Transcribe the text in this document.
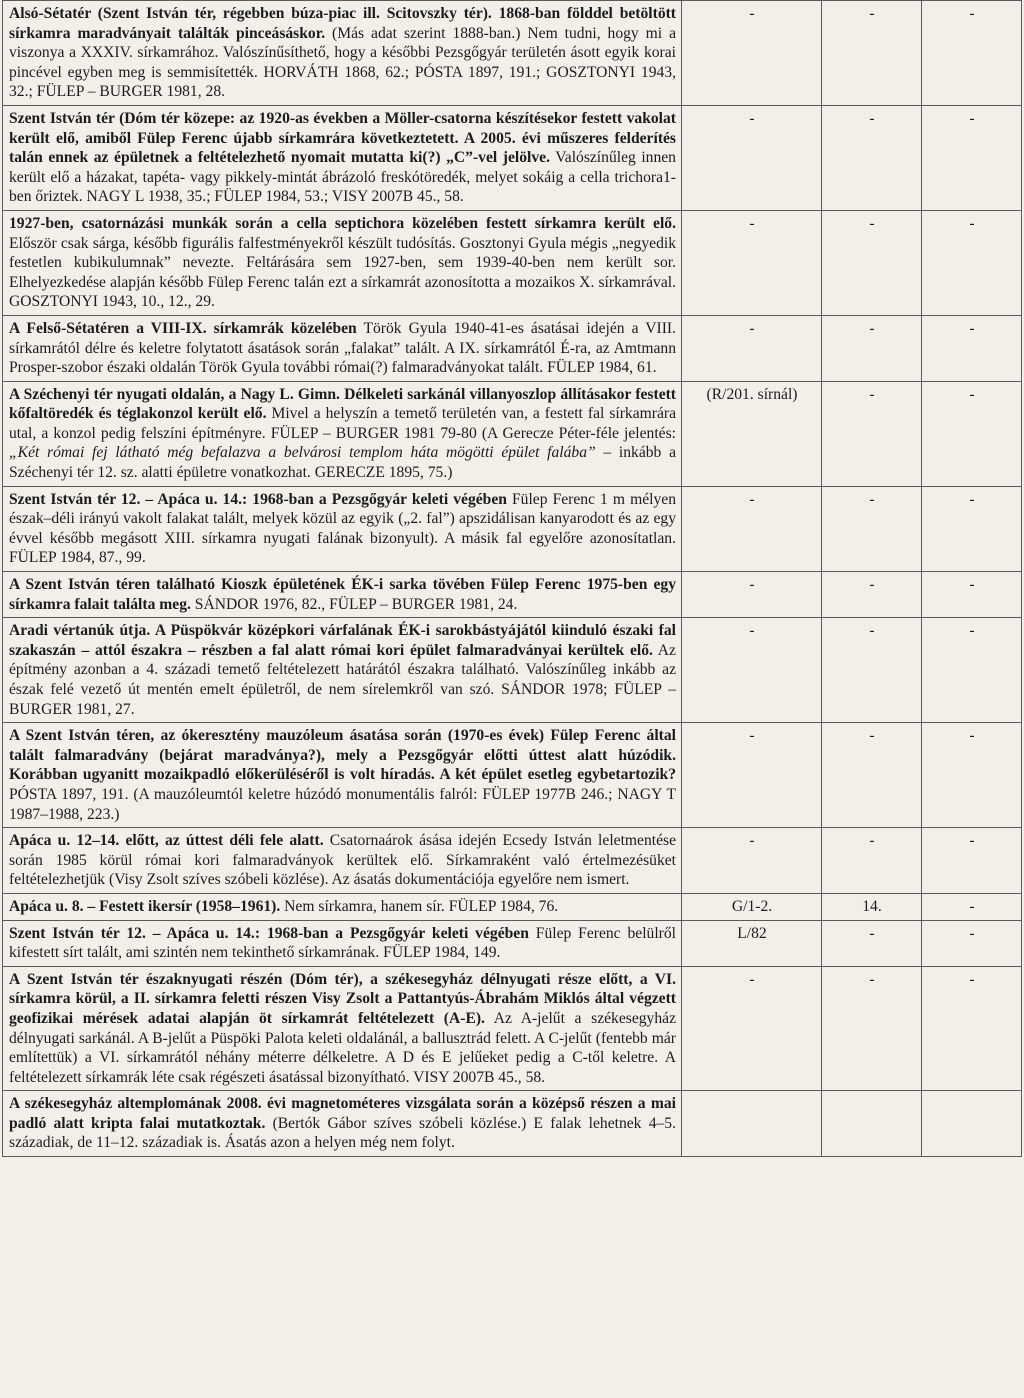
Alsó-Sétatér (Szent István tér, régebben búza-piac ill. Scitovszky tér). 1868-ban földdel betöltött sírkamra maradványait találták pinceásáskor. (Más adat szerint 1888-ban.) Nem tudni, hogy mi a viszonya a XXXIV. sírkamrához. Valószínűsíthető, hogy a későbbi Pezsgőgyár területén ásott egyik korai pincével egyben meg is semmisítették. HORVÁTH 1868, 62.; PÓSTA 1897, 191.; GOSZTONYI 1943, 32.; FÜLEP – BURGER 1981, 28.	-	-	-
Szent István tér (Dóm tér közepe: az 1920-as években a Möller-csatorna készítésekor festett vakolat került elő, amiből Fülep Ferenc újabb sírkamrára következtetett. A 2005. évi műszeres felderítés talán ennek az épületnek a feltételezhető nyomait mutatta ki(?) „C”-vel jelölve. Valószínűleg innen került elő a házakat, tapéta- vagy pikkely-mintát ábrázoló freskótöredék, melyet sokáig a cella trichora1-ben őriztek. NAGY L 1938, 35.; FÜLEP 1984, 53.; VISY 2007B 45., 58.	-	-	-
1927-ben, csatornázási munkák során a cella septichora közelében festett sírkamra került elő. Először csak sárga, később figurális falfestményekről készült tudósítás. Gosztonyi Gyula mégis „negyedik festetlen kubikulumnak” nevezte. Feltárására sem 1927-ben, sem 1939-40-ben nem került sor. Elhelyezkedése alapján később Fülep Ferenc talán ezt a sírkamrát azonosította a mozaikos X. sírkamrával. GOSZTONYI 1943, 10., 12., 29.	-	-	-
A Felső-Sétatéren a VIII-IX. sírkamrák közelében Török Gyula 1940-41-es ásatásai idején a VIII. sírkamrától délre és keletre folytatott ásatások során „falakat” talált. A IX. sírkamrától É-ra, az Amtmann Prosper-szobor északi oldalán Török Gyula további római(?) falmaradványokat talált. FÜLEP 1984, 61.	-	-	-
A Széchenyi tér nyugati oldalán, a Nagy L. Gimn. Délkeleti sarkánál villanyoszlop állításakor festett kőfaltöredék és téglakonzol került elő. Mivel a helyszín a temető területén van, a festett fal sírkamrára utal, a konzol pedig felszíni építményre. FÜLEP – BURGER 1981 79-80 (A Gerecze Péter-féle jelentés: „Két római fej látható még befalazva a belvárosi templom háta mögötti épület falába” – inkább a Széchenyi tér 12. sz. alatti épületre vonatkozhat. GERECZE 1895, 75.)	(R/201. sírnál)	-	-
Szent István tér 12. – Apáca u. 14.: 1968-ban a Pezsgőgyár keleti végében Fülep Ferenc 1 m mélyen észak–déli irányú vakolt falakat talált, melyek közül az egyik („2. fal”) apszidálisan kanyarodott és az egy évvel később megásott XIII. sírkamra nyugati falának bizonyult). A másik fal egyelőre azonosítatlan. FÜLEP 1984, 87., 99.	-	-	-
A Szent István téren található Kioszk épületének ÉK-i sarka tövében Fülep Ferenc 1975-ben egy sírkamra falait találta meg. SÁNDOR 1976, 82., FÜLEP – BURGER 1981, 24.	-	-	-
Aradi vértanúk útja. A Püspökvár középkori várfalának ÉK-i sarokbástyájától kiinduló északi fal szakaszán – attól északra – részben a fal alatt római kori épület falmaradványai kerültek elő. Az építmény azonban a 4. századi temető feltételezett határától északra található. Valószínűleg inkább az észak felé vezető út mentén emelt épületről, de nem sírelemkről van szó. SÁNDOR 1978; FÜLEP – BURGER 1981, 27.	-	-	-
A Szent István téren, az ókeresztény mauzóleum ásatása során (1970-es évek) Fülep Ferenc által talált falmaradvány (bejárat maradványa?), mely a Pezsgőgyár előtti úttest alatt húzódik. Korábban ugyanitt mozaikpadló előkerüléséről is volt híradás. A két épület esetleg egybetartozik? PÓSTA 1897, 191. (A mauzóleumtól keletre húzódó monumentális falról: FÜLEP 1977B 246.; NAGY T 1987–1988, 223.)	-	-	-
Apáca u. 12–14. előtt, az úttest déli fele alatt. Csatornaárok ásása idején Ecsedy István leletmentése során 1985 körül római kori falmaradványok kerültek elő. Sírkamraként való értelmezésüket feltételezhetjük (Visy Zsolt szíves szóbeli közlése). Az ásatás dokumentációja egyelőre nem ismert.	-	-	-
Apáca u. 8. – Festett ikersír (1958–1961). Nem sírkamra, hanem sír. FÜLEP 1984, 76.	G/1-2.	14.	-
Szent István tér 12. – Apáca u. 14.: 1968-ban a Pezsgőgyár keleti végében Fülep Ferenc belülről kifestett sírt talált, ami szintén nem tekinthető sírkamrának. FÜLEP 1984, 149.	L/82	-	-
A Szent István tér északnyugati részén (Dóm tér), a székesegyház délnyugati része előtt, a VI. sírkamra körül, a II. sírkamra feletti részen Visy Zsolt a Pattantyús-Ábrahám Miklós által végzett geofizikai mérések adatai alapján öt sírkamrát feltételezett (A-E). Az A-jelűt a székesegyház délnyugati sarkánál. A B-jelűt a Püspöki Palota keleti oldalánál, a ballusztrád felett. A C-jelűt (fentebb már említettük) a VI. sírkamrától néhány méterre délkeletre. A D és E jelűeket pedig a C-től keletre. A feltételezett sírkamrák léte csak régészeti ásatással bizonyítható. VISY 2007B 45., 58.	-	-	-
A székesegyház altemplomának 2008. évi magnetométeres vizsgálata során a középső részen a mai padló alatt kripta falai mutatkoztak. (Bertók Gábor szíves szóbeli közlése.) E falak lehetnek 4–5. századiak, de 11–12. századiak is. Ásatás azon a helyen még nem folyt.			
